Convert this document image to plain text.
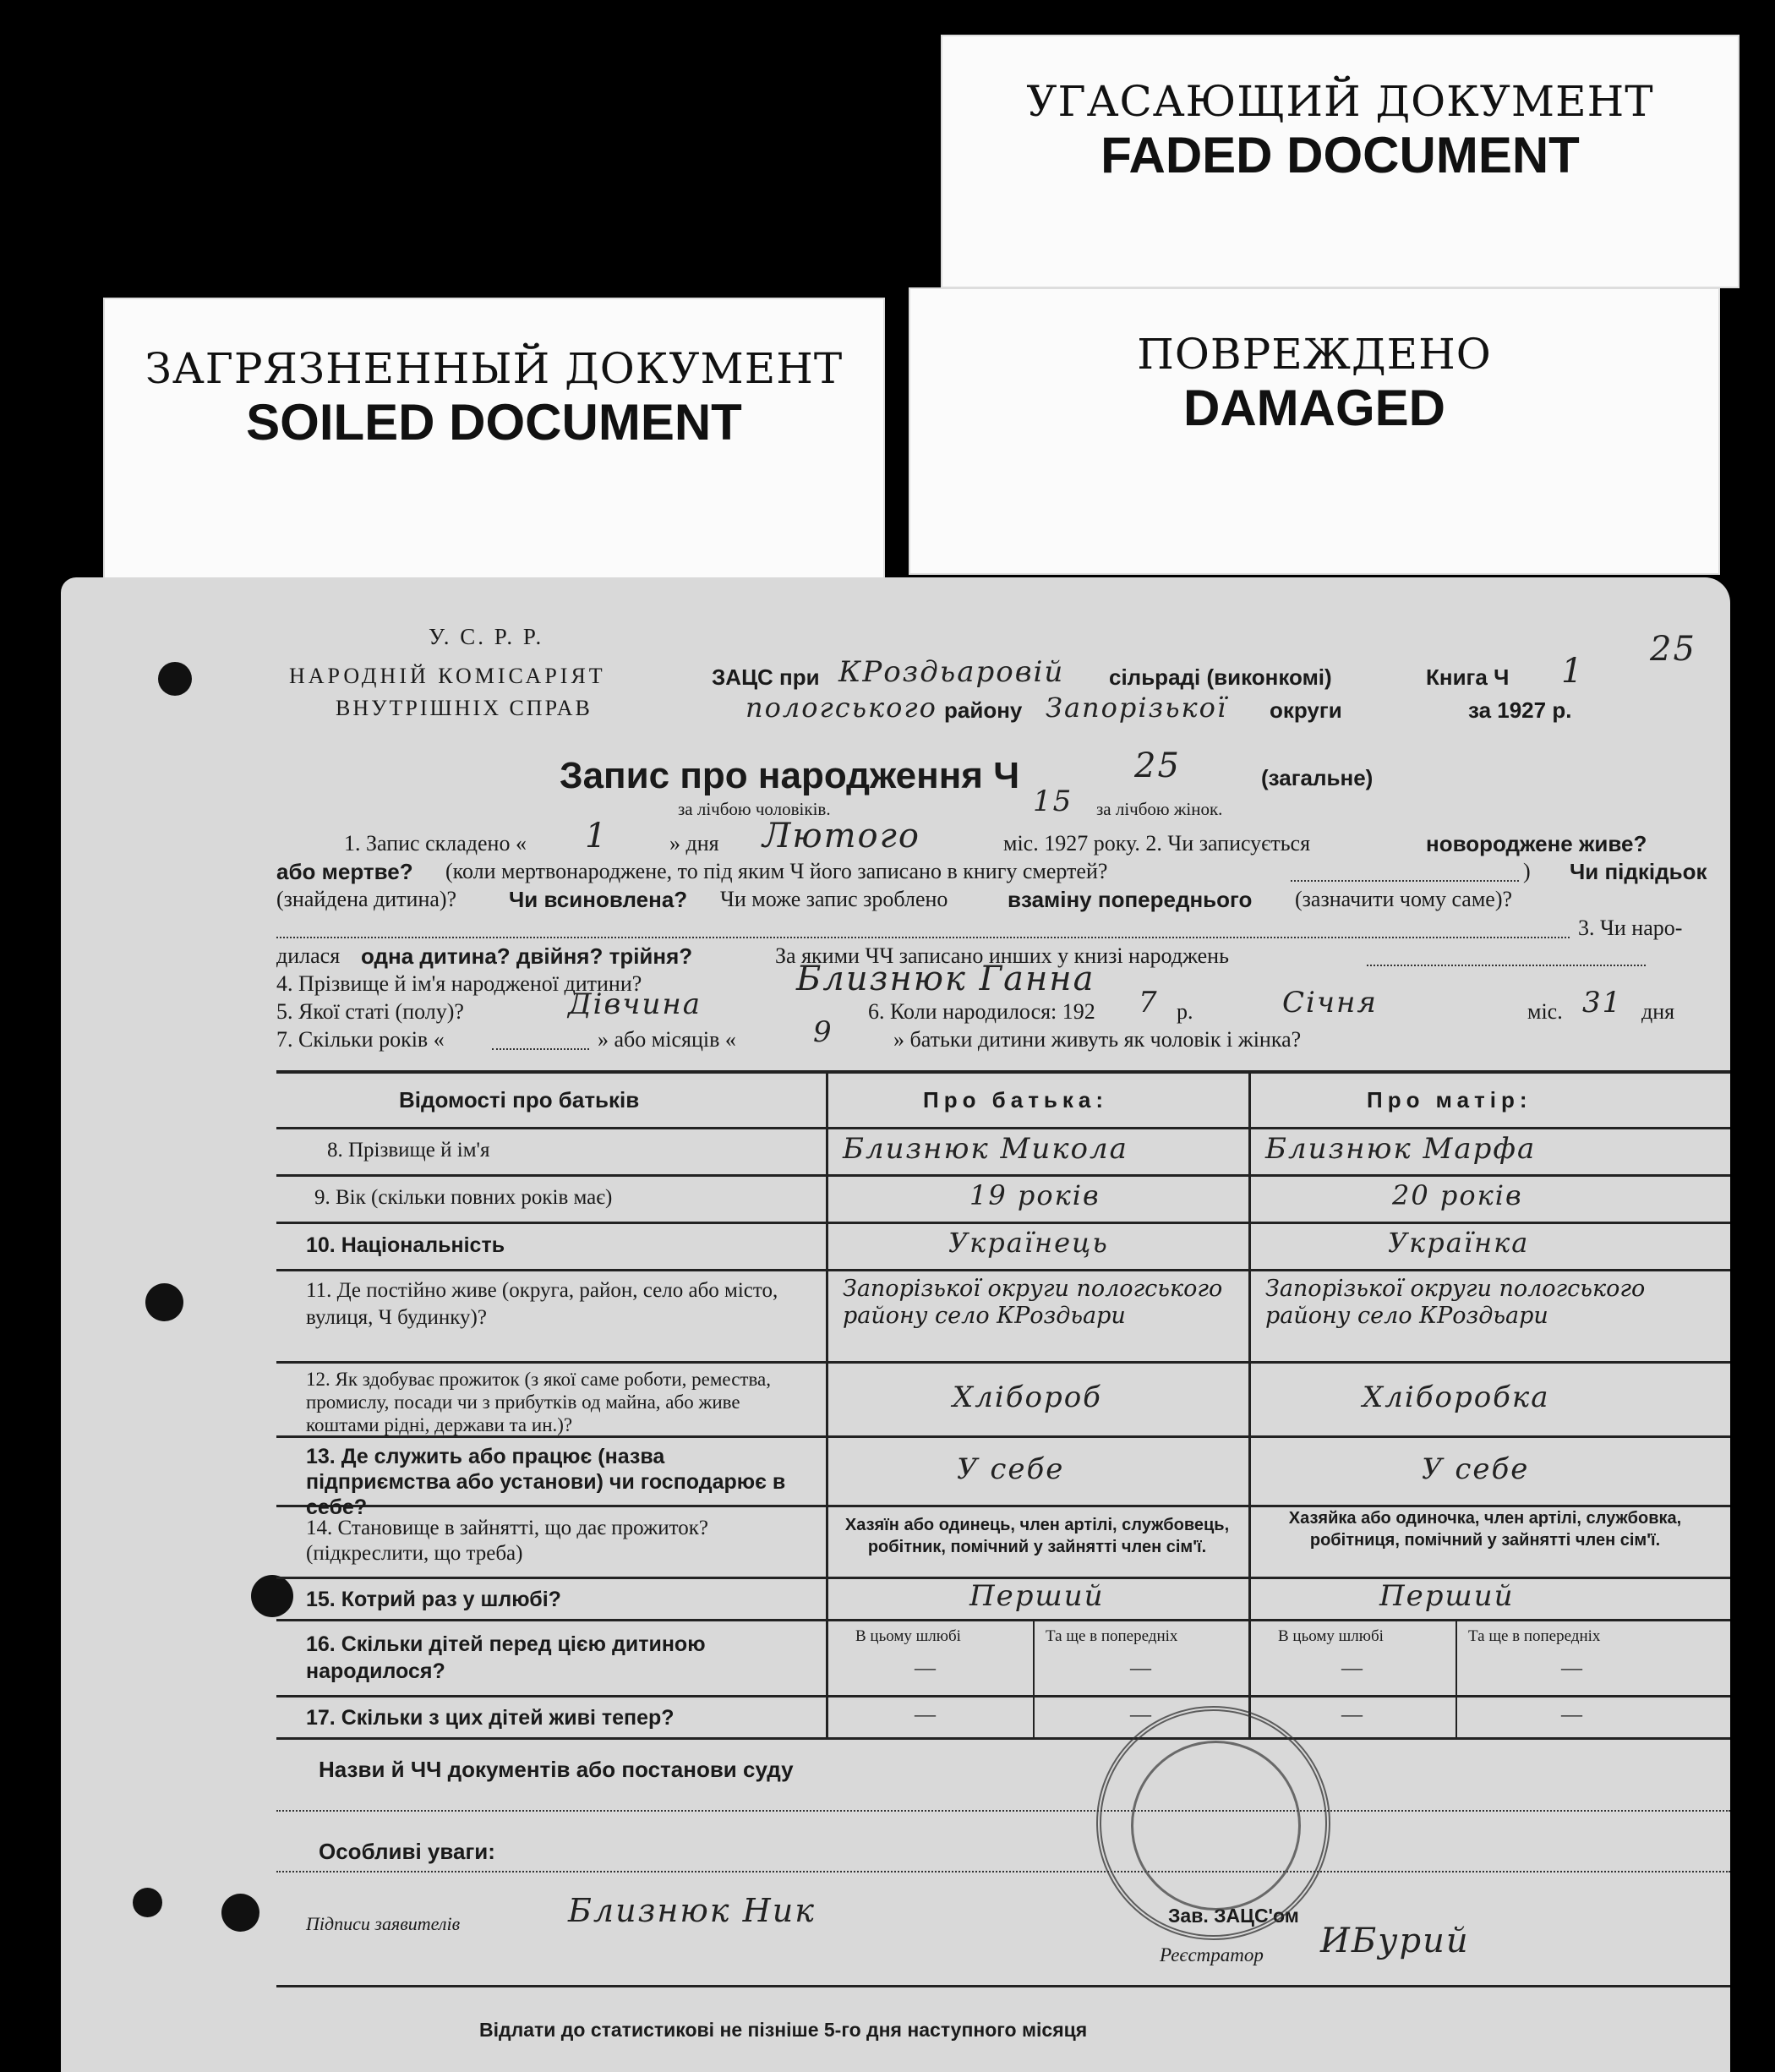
УГАСАЮЩИЙ ДОКУМЕНТ
FADED DOCUMENT
ПОВРЕЖДЕНО
DAMAGED
ЗАГРЯЗНЕННЫЙ ДОКУМЕНТ
SOILED DOCUMENT
У. С. Р. Р.
НАРОДНІЙ КОМІСАРІЯТ
ВНУТРІШНІХ СПРАВ
ЗАЦС при КРоздьаровій сільраді (виконкомі)	Книга Ч 1
25
пологського району Запорізької округи	за 1927 р.
Запис про народження Ч	25	(загальне)
за лічбою чоловіків.	15 за лічбою жінок.
1. Запис складено « 1	» дня Лютого	міс. 1927 року. 2. Чи записується	новороджене живе?
або мертве? (коли мертвонароджене, то під яким Ч його записано в книгу смертей?	) Чи підкідьок
(знайдена дитина)? Чи всиновлена? Чи може запис зроблено	взаміну попереднього (зазначити чому саме)?
3. Чи наро-
дилася одна дитина? двійня? трійня?	За якими ЧЧ записано инших у книзі народжень
4. Прізвище й ім'я народженої дитини?	Близнюк Ганна
5. Якої статі (полу)?	Дівчина	6. Коли народилося: 192 7 р.	Січня	міс. 31 дня
7. Скільки років «	» або місяців «	9	» батьки дитини живуть як чоловік і жінка?
Відомості про батьків	Про батька:	Про матір:
8. Прізвище й ім'я	Близнюк Микола	Близнюк Марфа
9. Вік (скільки повних років має)	19 років	20 років
10. Національність	Українець	Українка
11. Де постійно живе (округа, район, село або місто, вулиця, Ч будинку)?
Запорізької округи пологського району село КРоздьари
Запорізької округи пологського району село КРоздьари
12. Як здобуває прожиток (з якої саме роботи, ремества, промислу, посади чи з прибутків од майна, або живе коштами рідні, держави та ин.)?
Хлібороб	Хліборобка
13. Де служить або працює (назва підприємства або установи) чи господарює в себе?
У себе	У себе
14. Становище в зайнятті, що дає прожиток? (підкреслити, що треба)
Хазяїн або одинець, член артілі, службовець, робітник, помічний у зайнятті член сім'ї.
Хазяйка або одиночка, член артілі, службовка, робітниця, помічний у зайнятті член сім'ї.
15. Котрий раз у шлюбі?	Перший	Перший
16. Скільки дітей перед цією дитиною народилося?
В цьому шлюбі	Та ще в попередніх	В цьому шлюбі	Та ще в попередніх
—	—	—	—
17. Скільки з цих дітей живі тепер?	—	—	—	—
Назви й ЧЧ документів або постанови суду
Особливі уваги:
Підписи заявителів	Близнюк Ник	Зав. ЗАЦС'ом
Реєстратор ИБурий
Відлати до статистикові не пізніше 5-го дня наступного місяця
